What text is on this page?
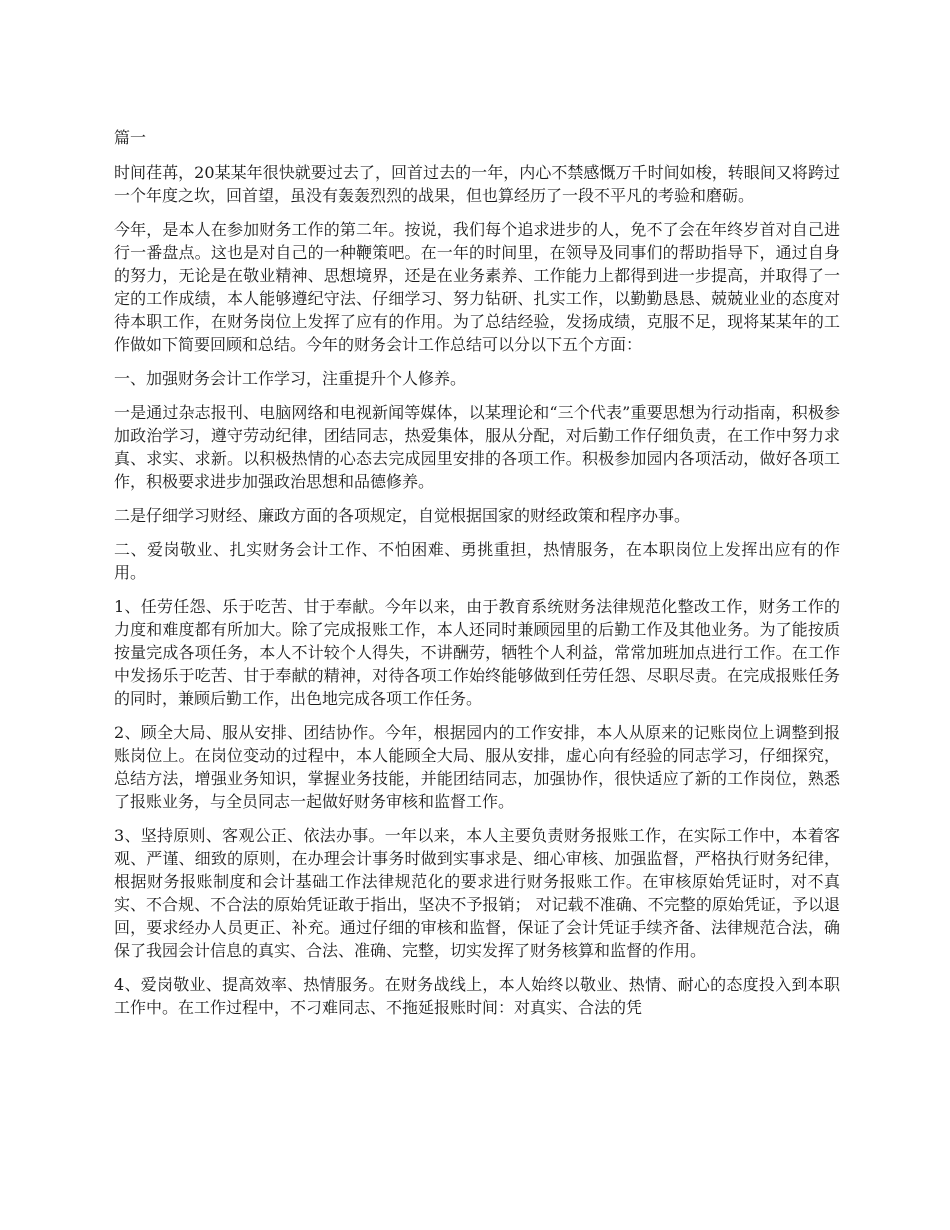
篇一

时间荏苒，20某某年很快就要过去了，回首过去的一年，内心不禁感慨万千时间如梭，转眼间又将跨过一个年度之坎，回首望，虽没有轰轰烈烈的战果，但也算经历了一段不平凡的考验和磨砺。

今年，是本人在参加财务工作的第二年。按说，我们每个追求进步的人，免不了会在年终岁首对自己进行一番盘点。这也是对自己的一种鞭策吧。在一年的时间里，在领导及同事们的帮助指导下，通过自身的努力，无论是在敬业精神、思想境界，还是在业务素养、工作能力上都得到进一步提高，并取得了一定的工作成绩，本人能够遵纪守法、仔细学习、努力钻研、扎实工作，以勤勤恳恳、兢兢业业的态度对待本职工作，在财务岗位上发挥了应有的作用。为了总结经验，发扬成绩，克服不足，现将某某年的工作做如下简要回顾和总结。今年的财务会计工作总结可以分以下五个方面：

一、加强财务会计工作学习，注重提升个人修养。

一是通过杂志报刊、电脑网络和电视新闻等媒体，以某理论和“三个代表”重要思想为行动指南，积极参加政治学习，遵守劳动纪律，团结同志，热爱集体，服从分配，对后勤工作仔细负责，在工作中努力求真、求实、求新。以积极热情的心态去完成园里安排的各项工作。积极参加园内各项活动，做好各项工作，积极要求进步加强政治思想和品德修养。

二是仔细学习财经、廉政方面的各项规定，自觉根据国家的财经政策和程序办事。

二、爱岗敬业、扎实财务会计工作、不怕困难、勇挑重担，热情服务，在本职岗位上发挥出应有的作用。

1、任劳任怨、乐于吃苦、甘于奉献。今年以来，由于教育系统财务法律规范化整改工作，财务工作的力度和难度都有所加大。除了完成报账工作，本人还同时兼顾园里的后勤工作及其他业务。为了能按质按量完成各项任务，本人不计较个人得失，不讲酬劳，牺牲个人利益，常常加班加点进行工作。在工作中发扬乐于吃苦、甘于奉献的精神，对待各项工作始终能够做到任劳任怨、尽职尽责。在完成报账任务的同时，兼顾后勤工作，出色地完成各项工作任务。

2、顾全大局、服从安排、团结协作。今年，根据园内的工作安排，本人从原来的记账岗位上调整到报账岗位上。在岗位变动的过程中，本人能顾全大局、服从安排，虚心向有经验的同志学习，仔细探究，总结方法，增强业务知识，掌握业务技能，并能团结同志，加强协作，很快适应了新的工作岗位，熟悉了报账业务，与全员同志一起做好财务审核和监督工作。

3、坚持原则、客观公正、依法办事。一年以来，本人主要负责财务报账工作，在实际工作中，本着客观、严谨、细致的原则，在办理会计事务时做到实事求是、细心审核、加强监督，严格执行财务纪律，根据财务报账制度和会计基础工作法律规范化的要求进行财务报账工作。在审核原始凭证时，对不真实、不合规、不合法的原始凭证敢于指出，坚决不予报销； 对记载不准确、不完整的原始凭证，予以退回，要求经办人员更正、补充。通过仔细的审核和监督，保证了会计凭证手续齐备、法律规范合法，确保了我园会计信息的真实、合法、准确、完整，切实发挥了财务核算和监督的作用。

4、爱岗敬业、提高效率、热情服务。在财务战线上，本人始终以敬业、热情、耐心的态度投入到本职工作中。在工作过程中，不刁难同志、不拖延报账时间：对真实、合法的凭
